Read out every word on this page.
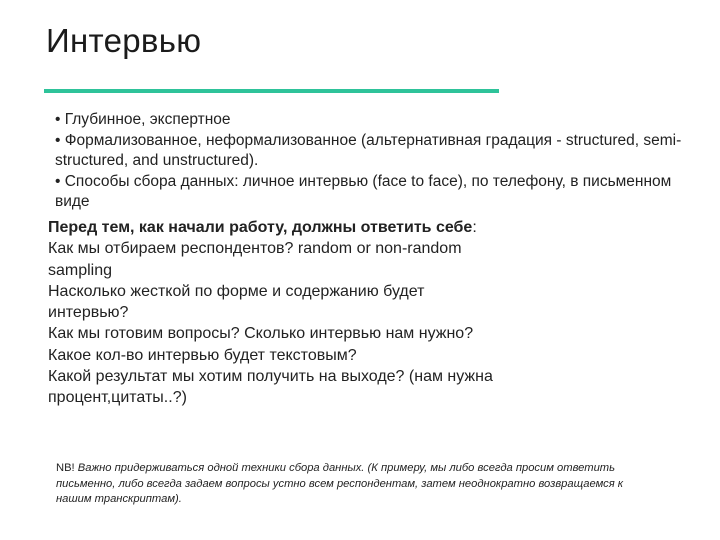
Интервью

• Глубинное, экспертное

• Формализованное, неформализованное (альтернативная градация - structured, semi-structured, and unstructured).

• Способы сбора данных: личное интервью (face to face), по телефону, в письменном виде

Перед тем, как начали работу, должны ответить себе:

Как мы отбираем респондентов? random or non-random sampling

Насколько жесткой по форме и содержанию будет интервью?

Как мы готовим вопросы? Сколько интервью нам нужно? Какое кол-во интервью будет текстовым?

Какой результат мы хотим получить на выходе? (нам нужна процент,цитаты..?)

NB! Важно придерживаться одной техники сбора данных. (К примеру, мы либо всегда просим ответить письменно, либо всегда задаем вопросы устно всем респондентам, затем неоднократно возвращаемся к нашим транскриптам).
